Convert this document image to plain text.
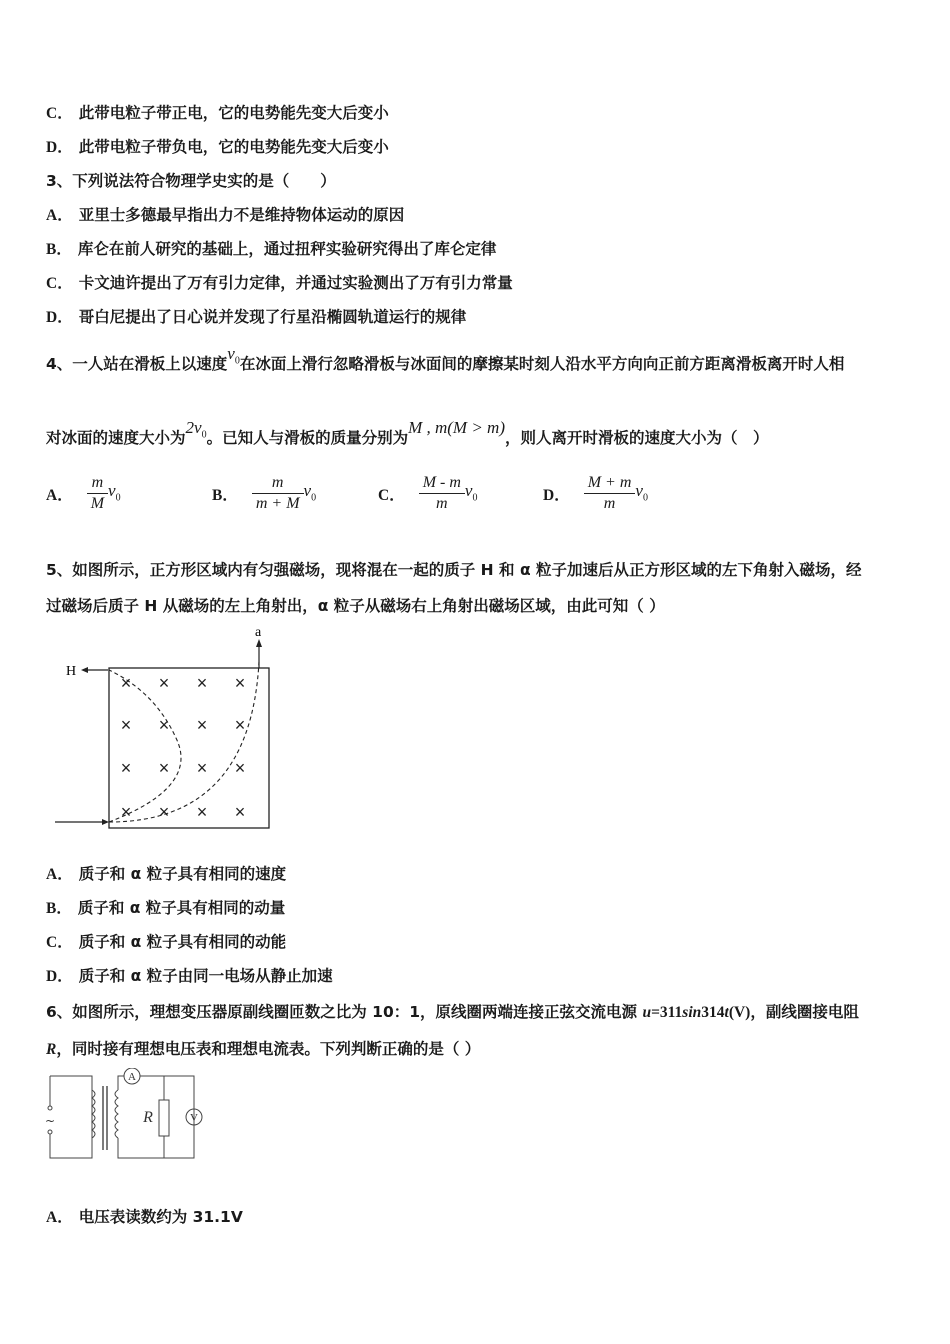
C． 此带电粒子带正电，它的电势能先变大后变小
D． 此带电粒子带负电，它的电势能先变大后变小
3、下列说法符合物理学史实的是（　　）
A． 亚里士多德最早指出力不是维持物体运动的原因
B． 库仑在前人研究的基础上，通过扭秤实验研究得出了库仑定律
C． 卡文迪许提出了万有引力定律，并通过实验测出了万有引力常量
D． 哥白尼提出了日心说并发现了行星沿椭圆轨道运行的规律
4、一人站在滑板上以速度$v_0$在冰面上滑行忽略滑板与冰面间的摩擦某时刻人沿水平方向向正前方距离滑板离开时人相
对冰面的速度大小为$2v_0$。已知人与滑板的质量分别为M , m(M > m)，则人离开时滑板的速度大小为（　）
A． $\frac{m}{M} v_0$	B． $\frac{m}{m + M} v_0$	C． $\frac{M - m}{m} v_0$	D． $\frac{M + m}{m} v_0$
5、如图所示，正方形区域内有匀强磁场，现将混在一起的质子 H 和 α 粒子加速后从正方形区域的左下角射入磁场，经
过磁场后质子 H 从磁场的左上角射出，α 粒子从磁场右上角射出磁场区域，由此可知（ ）
× × × ×
× × × ×
× × × ×
× × × ×
H
a
A． 质子和 α 粒子具有相同的速度
B． 质子和 α 粒子具有相同的动量
C． 质子和 α 粒子具有相同的动能
D． 质子和 α 粒子由同一电场从静止加速
6、如图所示，理想变压器原副线圈匝数之比为 10：1，原线圈两端连接正弦交流电源 u=311sin314t(V)，副线圈接电阻
R，同时接有理想电压表和理想电流表。下列判断正确的是（ ）
A
V
R
~
A． 电压表读数约为 31.1V
